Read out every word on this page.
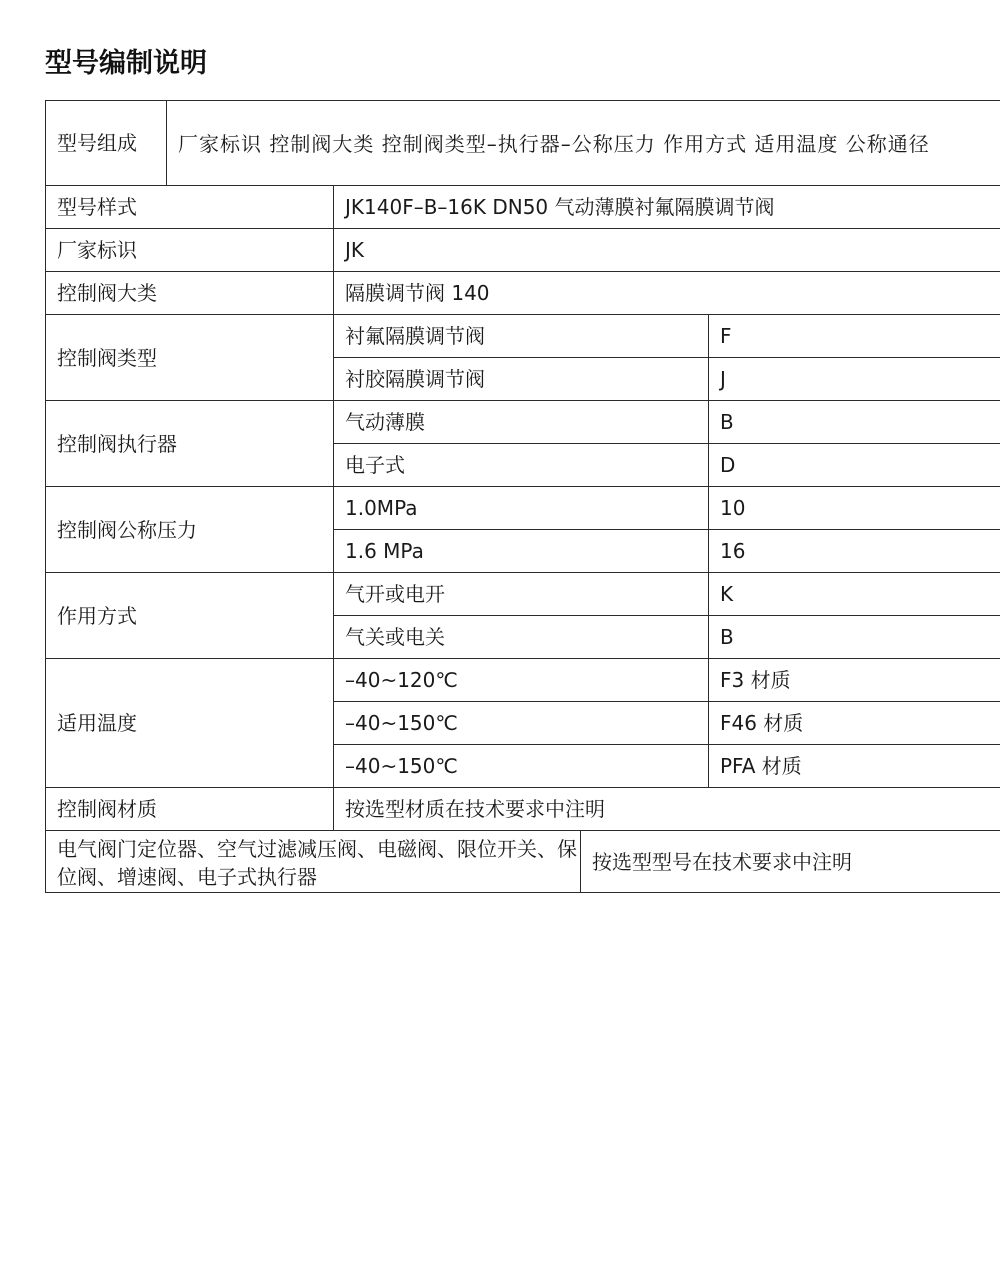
型号编制说明
型号组成	厂家标识 控制阀大类 控制阀类型–执行器–公称压力 作用方式 适用温度 公称通径			
型号样式		JK140F–B–16K DN50 气动薄膜衬氟隔膜调节阀		
厂家标识		JK		
控制阀大类		隔膜调节阀 140		
控制阀类型		衬氟隔膜调节阀		F
		衬胶隔膜调节阀		J
控制阀执行器		气动薄膜		B
		电子式		D
控制阀公称压力		1.0MPa		10
		1.6 MPa		16
作用方式		气开或电开		K
		气关或电关		B
适用温度		–40~120℃		F3 材质
		–40~150℃		F46 材质
		–40~150℃		PFA 材质
控制阀材质		按选型材质在技术要求中注明		
电气阀门定位器、空气过滤减压阀、电磁阀、限位开关、保位阀、增速阀、电子式执行器			按选型型号在技术要求中注明	
